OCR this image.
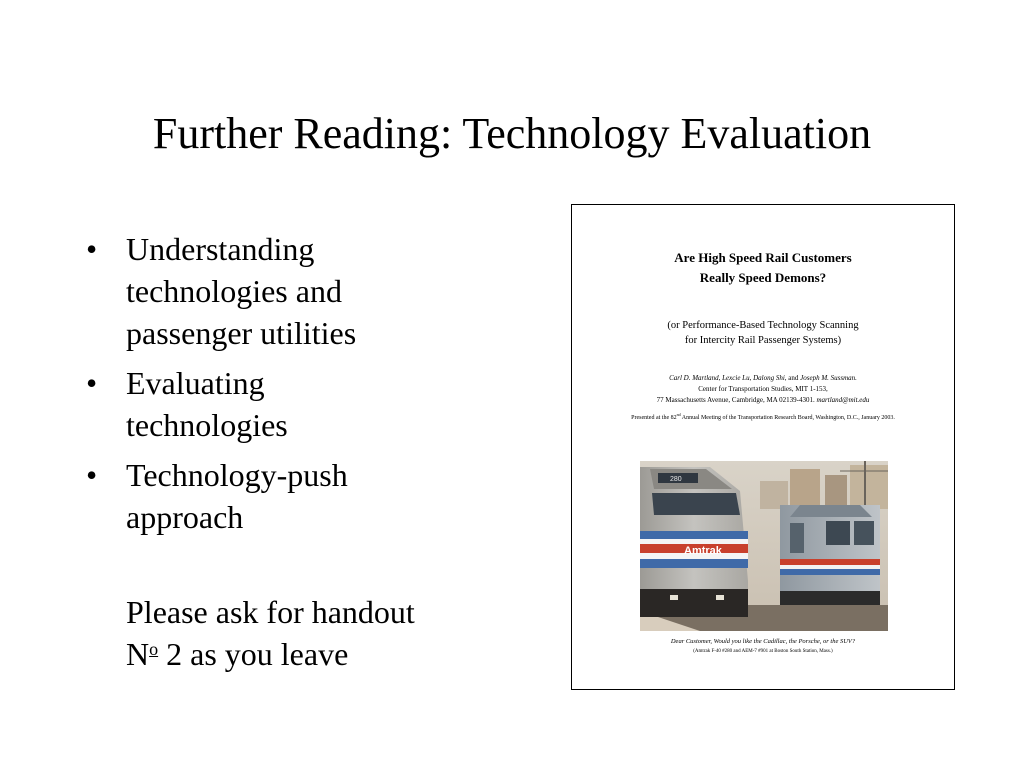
Further Reading: Technology Evaluation
• Understanding
technologies and
passenger utilities
• Evaluating
technologies
• Technology-push
approach

Please ask for handout
$N^o$ 2 as you leave

Are High Speed Rail Customers
Really Speed Demons?
(or Performance-Based Technology Scanning
for Intercity Rail Passenger Systems)
Carl D. Martland, Lexcie Lu, Dalong Shi, and Joseph M. Sussman.
Center for Transportation Studies, MIT 1-153,
77 Massachusetts Avenue, Cambridge, MA 02139-4301. martland@mit.edu
Presented at the 82nd Annual Meeting of the Transportation Research Board, Washington, D.C., January 2003.
280
Amtrak
Dear Customer, Would you like the Cadillac, the Porsche, or the SUV?
(Amtrak F-40 #280 and AEM-7 #901 at Boston South Station, Mass.)
